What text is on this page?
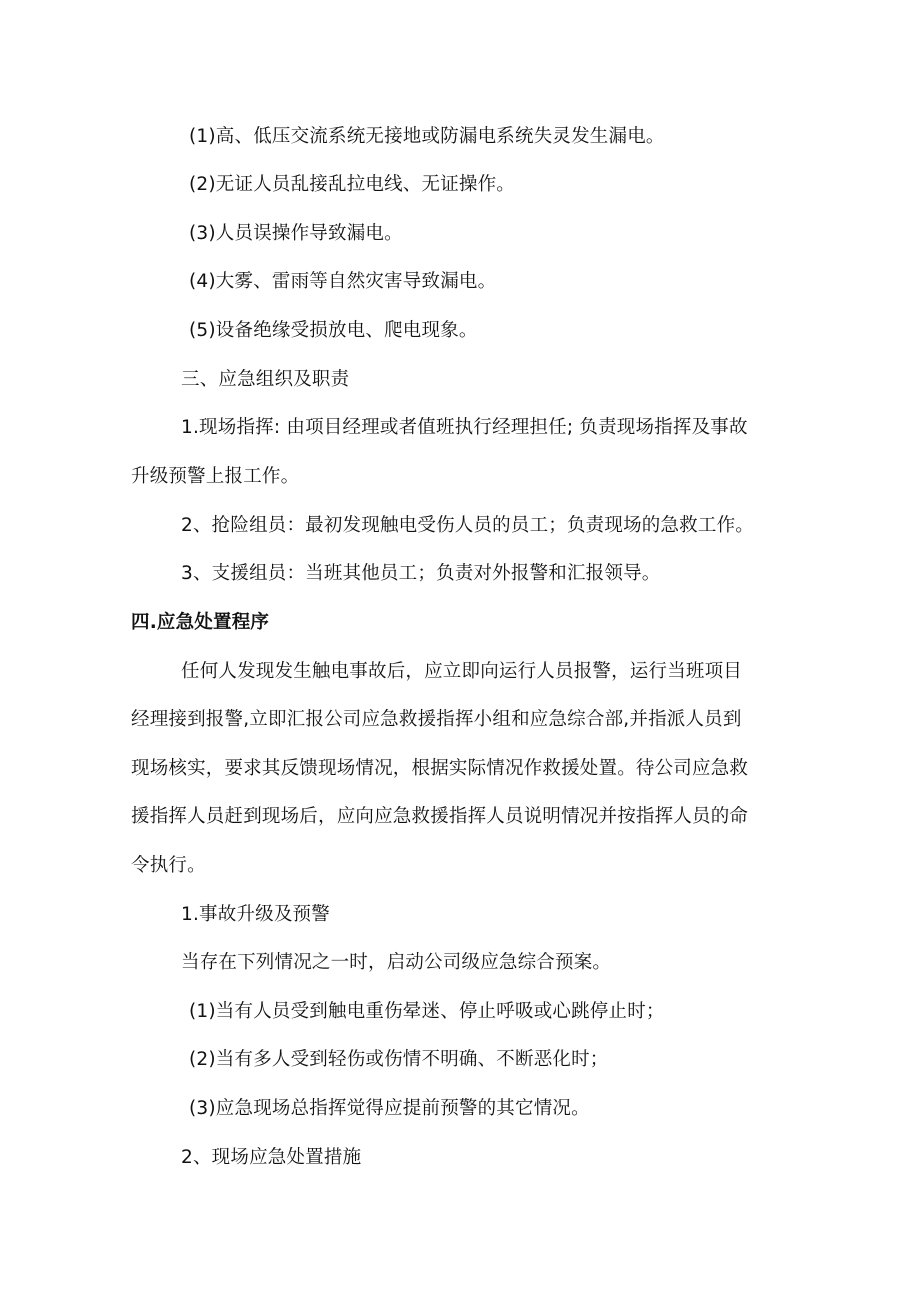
(1)高、低压交流系统无接地或防漏电系统失灵发生漏电。

(2)无证人员乱接乱拉电线、无证操作。

(3)人员误操作导致漏电。

(4)大雾、雷雨等自然灾害导致漏电。

(5)设备绝缘受损放电、爬电现象。

三、应急组织及职责

1.现场指挥: 由项目经理或者值班执行经理担任; 负责现场指挥及事故

升级预警上报工作。

2、抢险组员：最初发现触电受伤人员的员工；负责现场的急救工作。

3、支援组员：当班其他员工；负责对外报警和汇报领导。

四.应急处置程序

任何人发现发生触电事故后，应立即向运行人员报警，运行当班项目

经理接到报警,立即汇报公司应急救援指挥小组和应急综合部,并指派人员到

现场核实，要求其反馈现场情况，根据实际情况作救援处置。待公司应急救

援指挥人员赶到现场后，应向应急救援指挥人员说明情况并按指挥人员的命

令执行。

1.事故升级及预警

当存在下列情况之一时，启动公司级应急综合预案。

(1)当有人员受到触电重伤晕迷、停止呼吸或心跳停止时；

(2)当有多人受到轻伤或伤情不明确、不断恶化时；

(3)应急现场总指挥觉得应提前预警的其它情况。

2、现场应急处置措施
